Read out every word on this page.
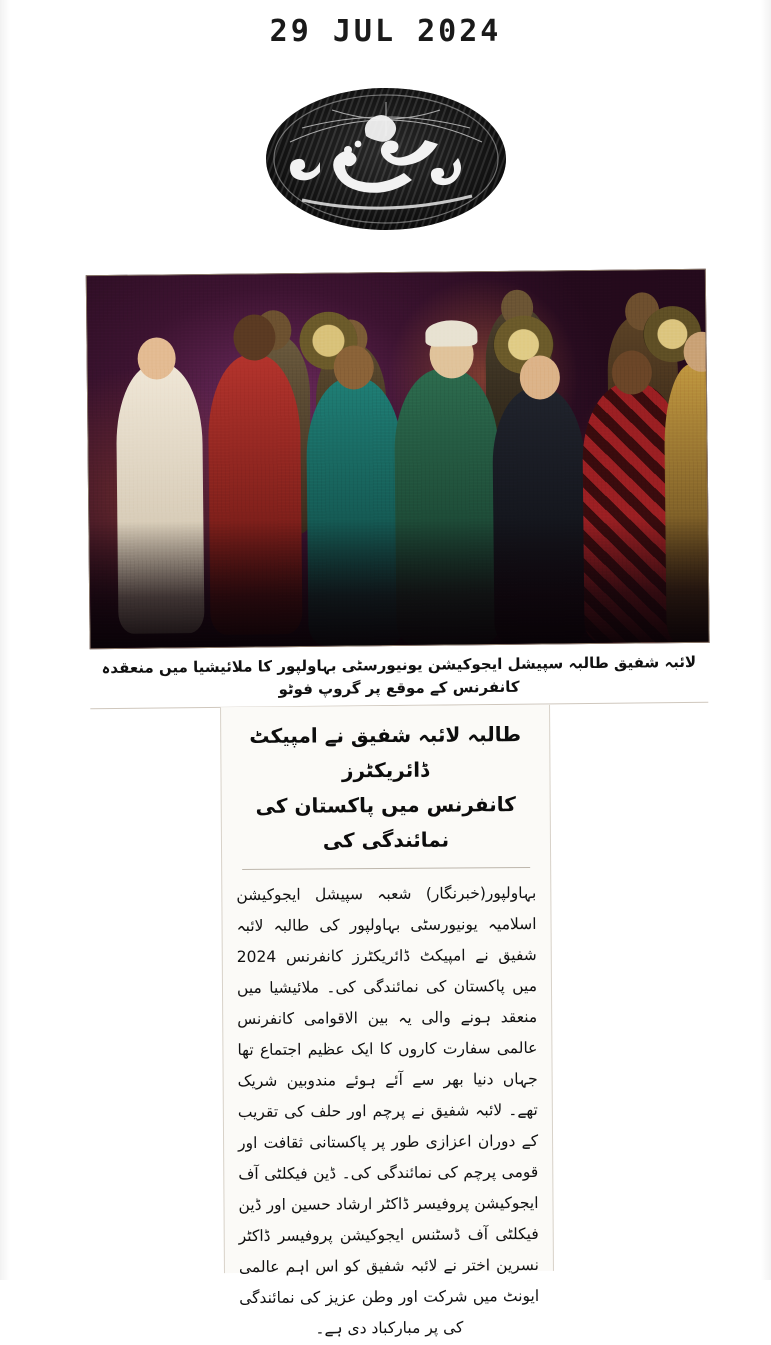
29 JUL 2024
لائبہ شفیق طالبہ سپیشل ایجوکیشن یونیورسٹی بہاولپور کا ملائیشیا میں منعقدہ کانفرنس کے موقع پر گروپ فوٹو
طالبہ لائبہ شفیق نے امپیکٹ ڈائریکٹرز
کانفرنس میں پاکستان کی نمائندگی کی
بہاولپور(خبرنگار) شعبہ سپیشل ایجوکیشن اسلامیہ یونیورسٹی بہاولپور کی طالبہ لائبہ شفیق نے امپیکٹ ڈائریکٹرز کانفرنس 2024 میں پاکستان کی نمائندگی کی۔ ملائیشیا میں منعقد ہونے والی یہ بین الاقوامی کانفرنس عالمی سفارت کاروں کا ایک عظیم اجتماع تھا جہاں دنیا بھر سے آئے ہوئے مندوبین شریک تھے۔ لائبہ شفیق نے پرچم اور حلف کی تقریب کے دوران اعزازی طور پر پاکستانی ثقافت اور قومی پرچم کی نمائندگی کی۔ ڈین فیکلٹی آف ایجوکیشن پروفیسر ڈاکٹر ارشاد حسین اور ڈین فیکلٹی آف ڈسٹنس ایجوکیشن پروفیسر ڈاکٹر نسرین اختر نے لائبہ شفیق کو اس اہم عالمی ایونٹ میں شرکت اور وطن عزیز کی نمائندگی کی پر مبارکباد دی ہے۔
